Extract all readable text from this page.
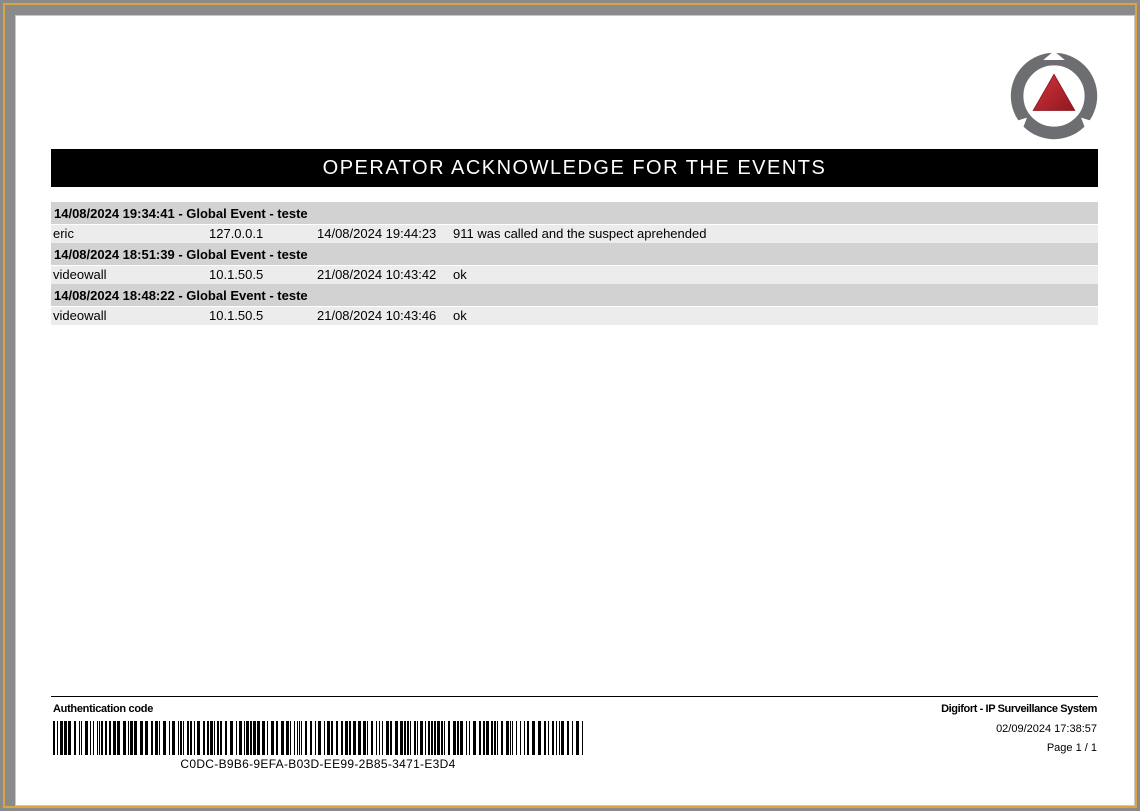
OPERATOR ACKNOWLEDGE FOR THE EVENTS
14/08/2024 19:34:41 - Global Event - teste
eric	127.0.0.1	14/08/2024 19:44:23 911 was called and the suspect aprehended
14/08/2024 18:51:39 - Global Event - teste
videowall	10.1.50.5	21/08/2024 10:43:42 ok
14/08/2024 18:48:22 - Global Event - teste
videowall	10.1.50.5	21/08/2024 10:43:46 ok
Authentication code
C0DC-B9B6-9EFA-B03D-EE99-2B85-3471-E3D4
Digifort - IP Surveillance System
02/09/2024 17:38:57
Page 1 / 1
